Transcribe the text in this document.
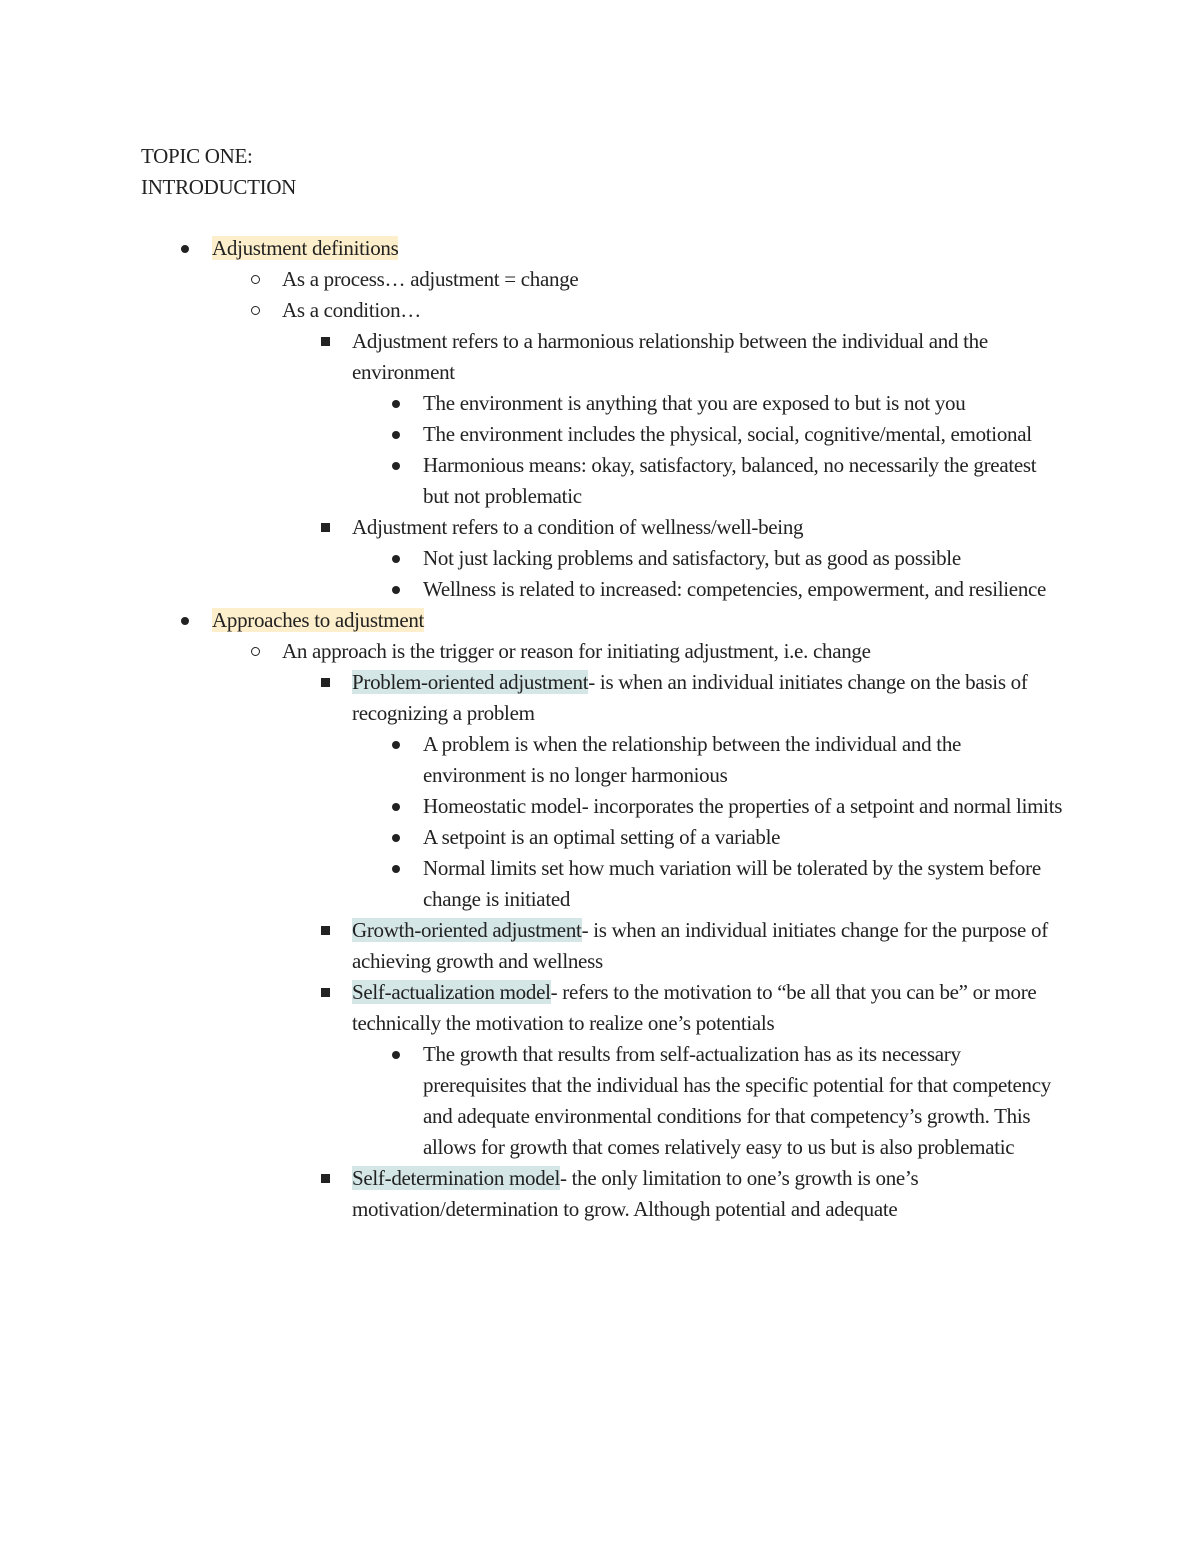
TOPIC ONE:
INTRODUCTION
Adjustment definitions
As a process… adjustment = change
As a condition…
Adjustment refers to a harmonious relationship between the individual and the environment
The environment is anything that you are exposed to but is not you
The environment includes the physical, social, cognitive/mental, emotional
Harmonious means: okay, satisfactory, balanced, no necessarily the greatest but not problematic
Adjustment refers to a condition of wellness/well-being
Not just lacking problems and satisfactory, but as good as possible
Wellness is related to increased: competencies, empowerment, and resilience
Approaches to adjustment
An approach is the trigger or reason for initiating adjustment, i.e. change
Problem-oriented adjustment- is when an individual initiates change on the basis of recognizing a problem
A problem is when the relationship between the individual and the environment is no longer harmonious
Homeostatic model- incorporates the properties of a setpoint and normal limits
A setpoint is an optimal setting of a variable
Normal limits set how much variation will be tolerated by the system before change is initiated
Growth-oriented adjustment- is when an individual initiates change for the purpose of achieving growth and wellness
Self-actualization model- refers to the motivation to “be all that you can be” or more technically the motivation to realize one’s potentials
The growth that results from self-actualization has as its necessary prerequisites that the individual has the specific potential for that competency and adequate environmental conditions for that competency’s growth. This allows for growth that comes relatively easy to us but is also problematic
Self-determination model- the only limitation to one’s growth is one’s motivation/determination to grow. Although potential and adequate
